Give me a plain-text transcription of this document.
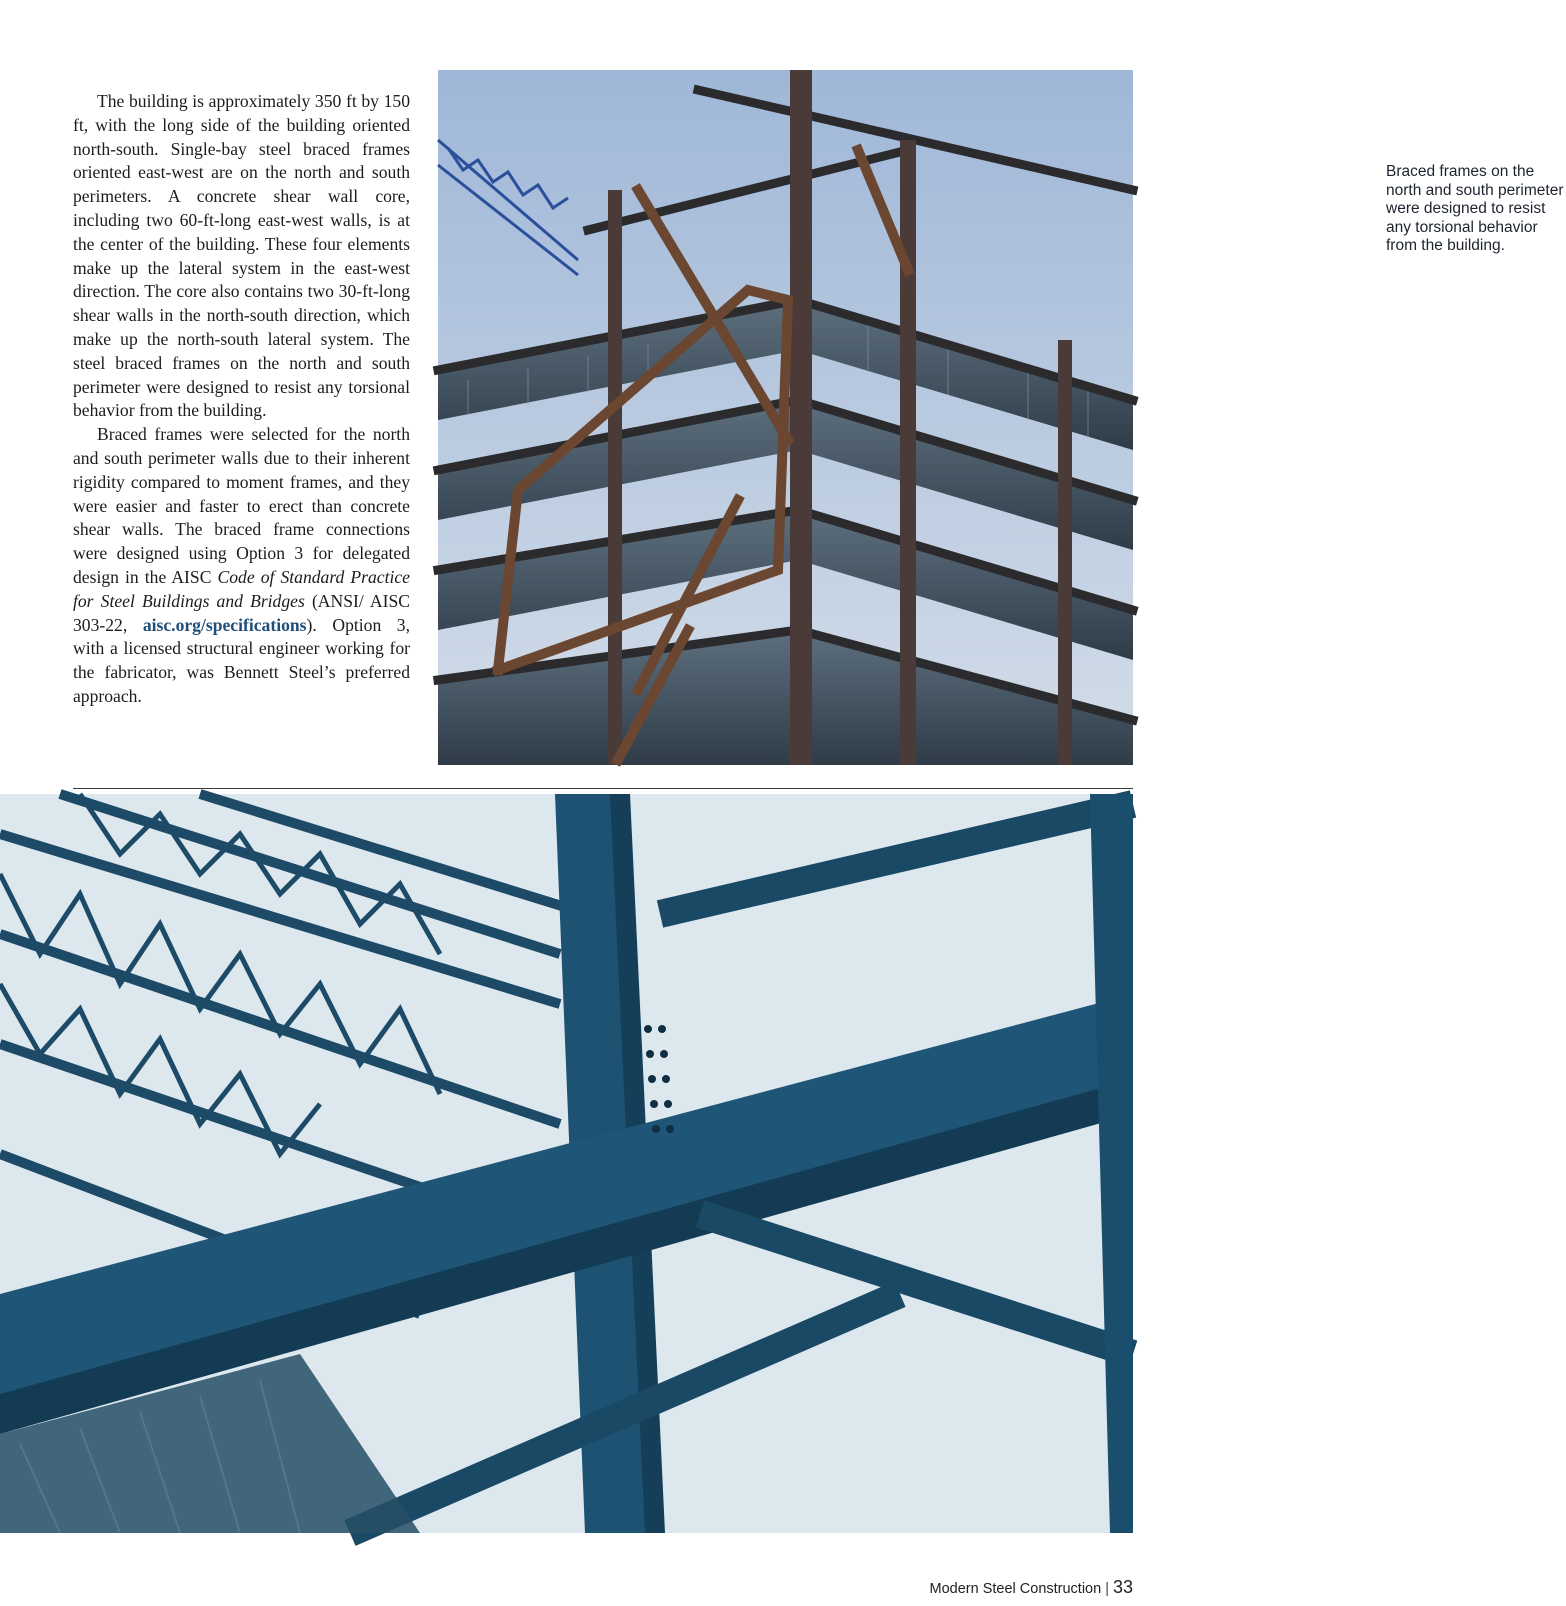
The building is approximately 350 ft by 150 ft, with the long side of the building oriented north-south. Single-bay steel braced frames oriented east-west are on the north and south perimeters. A concrete shear wall core, including two 60-ft-long east-west walls, is at the center of the building. These four elements make up the lateral system in the east-west direction. The core also contains two 30-ft-long shear walls in the north-south direction, which make up the north-south lateral system. The steel braced frames on the north and south perimeter were designed to resist any torsional behavior from the building.

Braced frames were selected for the north and south perimeter walls due to their inherent rigidity compared to moment frames, and they were easier and faster to erect than concrete shear walls. The braced frame connections were designed using Option 3 for delegated design in the AISC Code of Standard Practice for Steel Buildings and Bridges (ANSI/ AISC 303-22, aisc.org/specifications). Option 3, with a licensed structural engineer working for the fabricator, was Bennett Steel’s preferred approach.

Braced frames on the north and south perimeter were designed to resist any torsional behavior from the building.
Modern Steel Construction | 33
